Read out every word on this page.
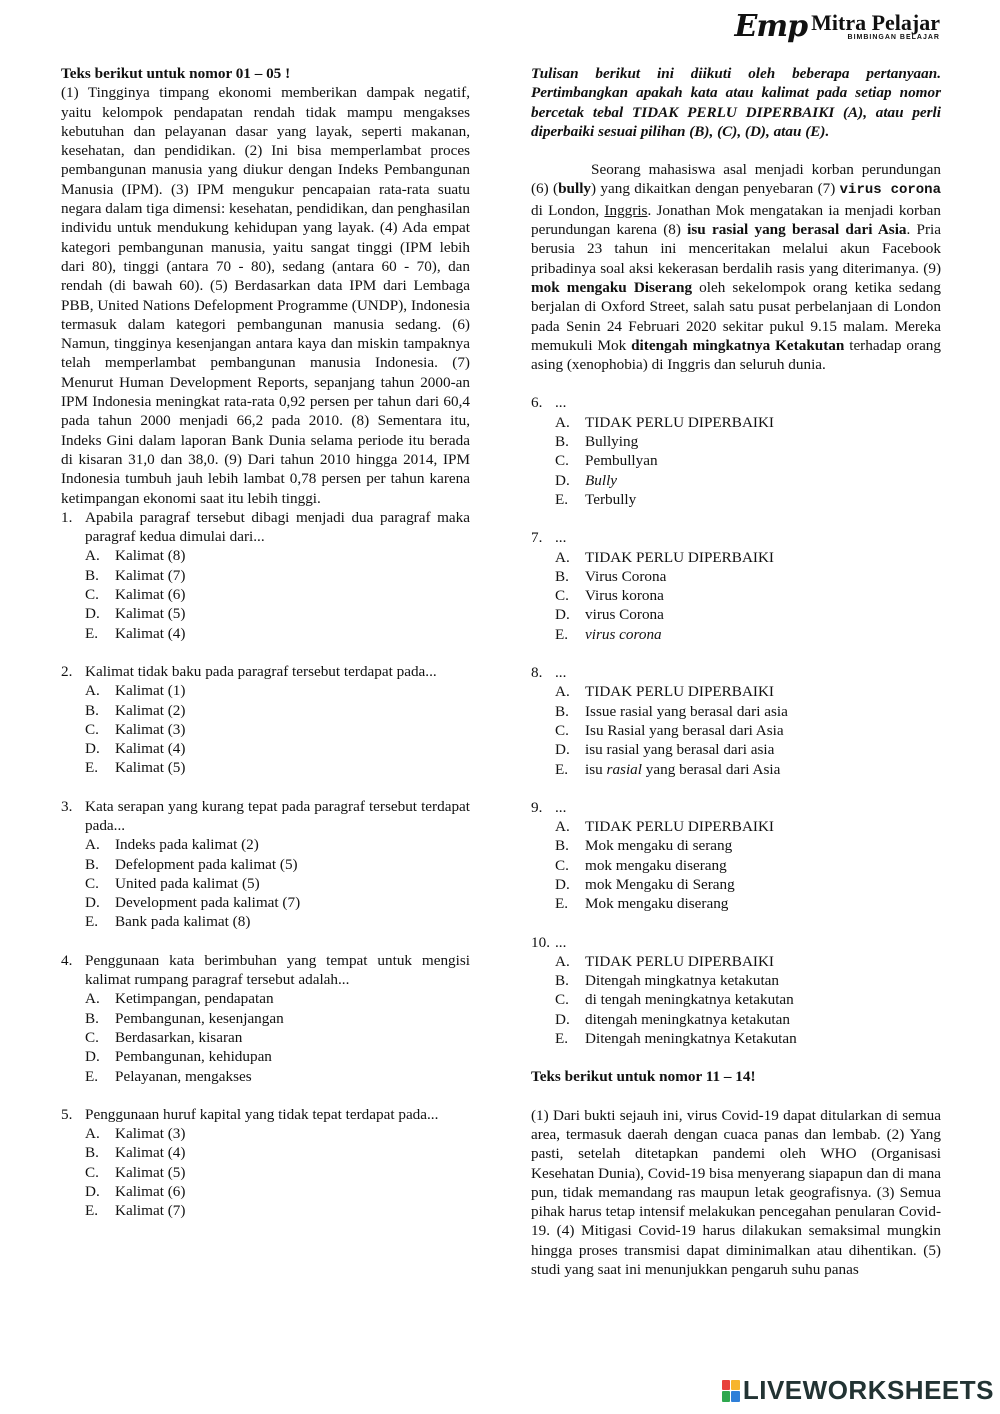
Emp Mitra Pelajar
BIMBINGAN BELAJAR
Teks berikut untuk nomor 01 – 05 !
(1) Tingginya timpang ekonomi memberikan dampak negatif, yaitu kelompok pendapatan rendah tidak mampu mengakses kebutuhan dan pelayanan dasar yang layak, seperti makanan, kesehatan, dan pendidikan. (2) Ini bisa memperlambat proces pembangunan manusia yang diukur dengan Indeks Pembangunan Manusia (IPM). (3) IPM mengukur pencapaian rata-rata suatu negara dalam tiga dimensi: kesehatan, pendidikan, dan penghasilan individu untuk mendukung kehidupan yang layak. (4) Ada empat kategori pembangunan manusia, yaitu sangat tinggi (IPM lebih dari 80), tinggi (antara 70 - 80), sedang (antara 60 - 70), dan rendah (di bawah 60). (5) Berdasarkan data IPM dari Lembaga PBB, United Nations Defelopment Programme (UNDP), Indonesia termasuk dalam kategori pembangunan manusia sedang. (6) Namun, tingginya kesenjangan antara kaya dan miskin tampaknya telah memperlambat pembangunan manusia Indonesia. (7) Menurut Human Development Reports, sepanjang tahun 2000-an IPM Indonesia meningkat rata-rata 0,92 persen per tahun dari 60,4 pada tahun 2000 menjadi 66,2 pada 2010. (8) Sementara itu, Indeks Gini dalam laporan Bank Dunia selama periode itu berada di kisaran 31,0 dan 38,0. (9) Dari tahun 2010 hingga 2014, IPM Indonesia tumbuh jauh lebih lambat 0,78 persen per tahun karena ketimpangan ekonomi saat itu lebih tinggi.
1. Apabila paragraf tersebut dibagi menjadi dua paragraf maka paragraf kedua dimulai dari...
A.	Kalimat (8)
B.	Kalimat (7)
C.	Kalimat (6)
D.	Kalimat (5)
E.	Kalimat (4)
2. Kalimat tidak baku pada paragraf tersebut terdapat pada...
A.	Kalimat (1)
B.	Kalimat (2)
C.	Kalimat (3)
D.	Kalimat (4)
E.	Kalimat (5)
3. Kata serapan yang kurang tepat pada paragraf tersebut terdapat pada...
A.	Indeks pada kalimat (2)
B.	Defelopment pada kalimat (5)
C.	United pada kalimat (5)
D.	Development pada kalimat (7)
E.	Bank pada kalimat (8)
4. Penggunaan kata berimbuhan yang tempat untuk mengisi kalimat rumpang paragraf tersebut adalah...
A.	Ketimpangan, pendapatan
B.	Pembangunan, kesenjangan
C.	Berdasarkan, kisaran
D.	Pembangunan, kehidupan
E.	Pelayanan, mengakses
5. Penggunaan huruf kapital yang tidak tepat terdapat pada...
A.	Kalimat (3)
B.	Kalimat (4)
C.	Kalimat (5)
D.	Kalimat (6)
E.	Kalimat (7)
Tulisan berikut ini diikuti oleh beberapa pertanyaan. Pertimbangkan apakah kata atau kalimat pada setiap nomor bercetak tebal TIDAK PERLU DIPERBAIKI (A), atau perli diperbaiki sesuai pilihan (B), (C), (D), atau (E).
Seorang mahasiswa asal menjadi korban perundungan (6) (bully) yang dikaitkan dengan penyebaran (7) virus corona di London, Inggris. Jonathan Mok mengatakan ia menjadi korban perundungan karena (8) isu rasial yang berasal dari Asia. Pria berusia 23 tahun ini menceritakan melalui akun Facebook pribadinya soal aksi kekerasan berdalih rasis yang diterimanya. (9) mok mengaku Diserang oleh sekelompok orang ketika sedang berjalan di Oxford Street, salah satu pusat perbelanjaan di London pada Senin 24 Februari 2020 sekitar pukul 9.15 malam. Mereka memukuli Mok ditengah mingkatnya Ketakutan terhadap orang asing (xenophobia) di Inggris dan seluruh dunia.
6. ...
A.	TIDAK PERLU DIPERBAIKI
B.	Bullying
C.	Pembullyan
D.	Bully
E.	Terbully
7. ...
A.	TIDAK PERLU DIPERBAIKI
B.	Virus Corona
C.	Virus korona
D.	virus Corona
E.	virus corona
8. ...
A.	TIDAK PERLU DIPERBAIKI
B.	Issue rasial yang berasal dari asia
C.	Isu Rasial yang berasal dari Asia
D.	isu rasial yang berasal dari asia
E.	isu rasial yang berasal dari Asia
9. ...
A.	TIDAK PERLU DIPERBAIKI
B.	Mok mengaku di serang
C.	mok mengaku diserang
D.	mok Mengaku di Serang
E.	Mok mengaku diserang
10. ...
A.	TIDAK PERLU DIPERBAIKI
B.	Ditengah mingkatnya ketakutan
C.	di tengah meningkatnya ketakutan
D.	ditengah meningkatnya ketakutan
E.	Ditengah meningkatnya Ketakutan
Teks berikut untuk nomor 11 – 14!
(1) Dari bukti sejauh ini, virus Covid-19 dapat ditularkan di semua area, termasuk daerah dengan cuaca panas dan lembab. (2) Yang pasti, setelah ditetapkan pandemi oleh WHO (Organisasi Kesehatan Dunia), Covid-19 bisa menyerang siapapun dan di mana pun, tidak memandang ras maupun letak geografisnya. (3) Semua pihak harus tetap intensif melakukan pencegahan penularan Covid-19. (4) Mitigasi Covid-19 harus dilakukan semaksimal mungkin hingga proses transmisi dapat diminimalkan atau dihentikan. (5) studi yang saat ini menunjukkan pengaruh suhu panas
LIVEWORKSHEETS
